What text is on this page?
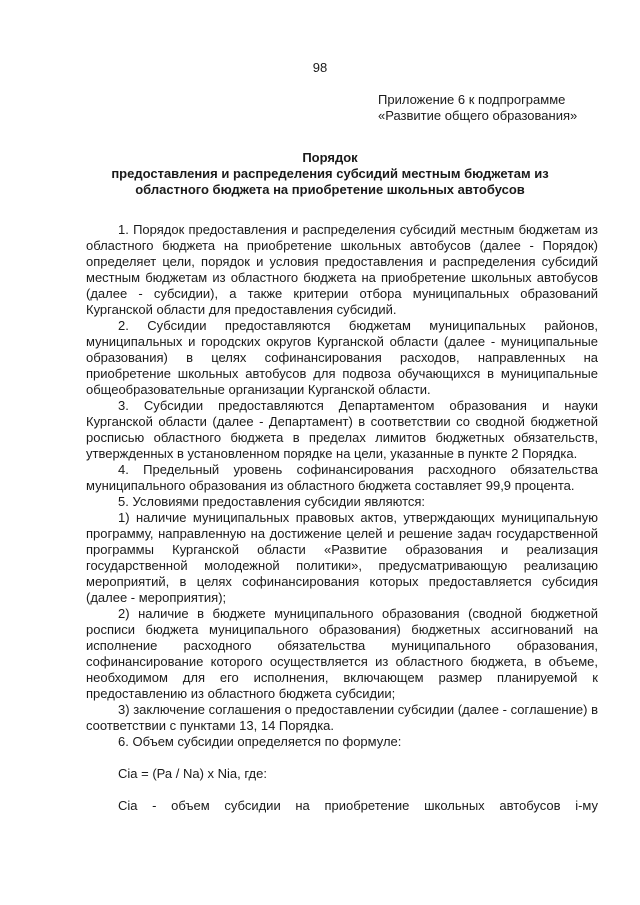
98
Приложение 6 к подпрограмме
«Развитие общего образования»
Порядок
предоставления и распределения субсидий местным бюджетам из
областного бюджета на приобретение школьных автобусов
1. Порядок предоставления и распределения субсидий местным бюджетам из областного бюджета на приобретение школьных автобусов (далее - Порядок) определяет цели, порядок и условия предоставления и распределения субсидий местным бюджетам из областного бюджета на приобретение школьных автобусов (далее - субсидии), а также критерии отбора муниципальных образований Курганской области для предоставления субсидий.
2. Субсидии предоставляются бюджетам муниципальных районов, муниципальных и городских округов Курганской области (далее - муниципальные образования) в целях софинансирования расходов, направленных на приобретение школьных автобусов для подвоза обучающихся в муниципальные общеобразовательные организации Курганской области.
3. Субсидии предоставляются Департаментом образования и науки Курганской области (далее - Департамент) в соответствии со сводной бюджетной росписью областного бюджета в пределах лимитов бюджетных обязательств, утвержденных в установленном порядке на цели, указанные в пункте 2 Порядка.
4. Предельный уровень софинансирования расходного обязательства муниципального образования из областного бюджета составляет 99,9 процента.
5. Условиями предоставления субсидии являются:
1) наличие муниципальных правовых актов, утверждающих муниципальную программу, направленную на достижение целей и решение задач государственной программы Курганской области «Развитие образования и реализация государственной молодежной политики», предусматривающую реализацию мероприятий, в целях софинансирования которых предоставляется субсидия (далее - мероприятия);
2) наличие в бюджете муниципального образования (сводной бюджетной росписи бюджета муниципального образования) бюджетных ассигнований на исполнение расходного обязательства муниципального образования, софинансирование которого осуществляется из областного бюджета, в объеме, необходимом для его исполнения, включающем размер планируемой к предоставлению из областного бюджета субсидии;
3) заключение соглашения о предоставлении субсидии (далее - соглашение) в соответствии с пунктами 13, 14 Порядка.
6. Объем субсидии определяется по формуле:
Сiа = (Ра / Nа) х Niа, где:
Сiа - объем субсидии на приобретение школьных автобусов i-му
